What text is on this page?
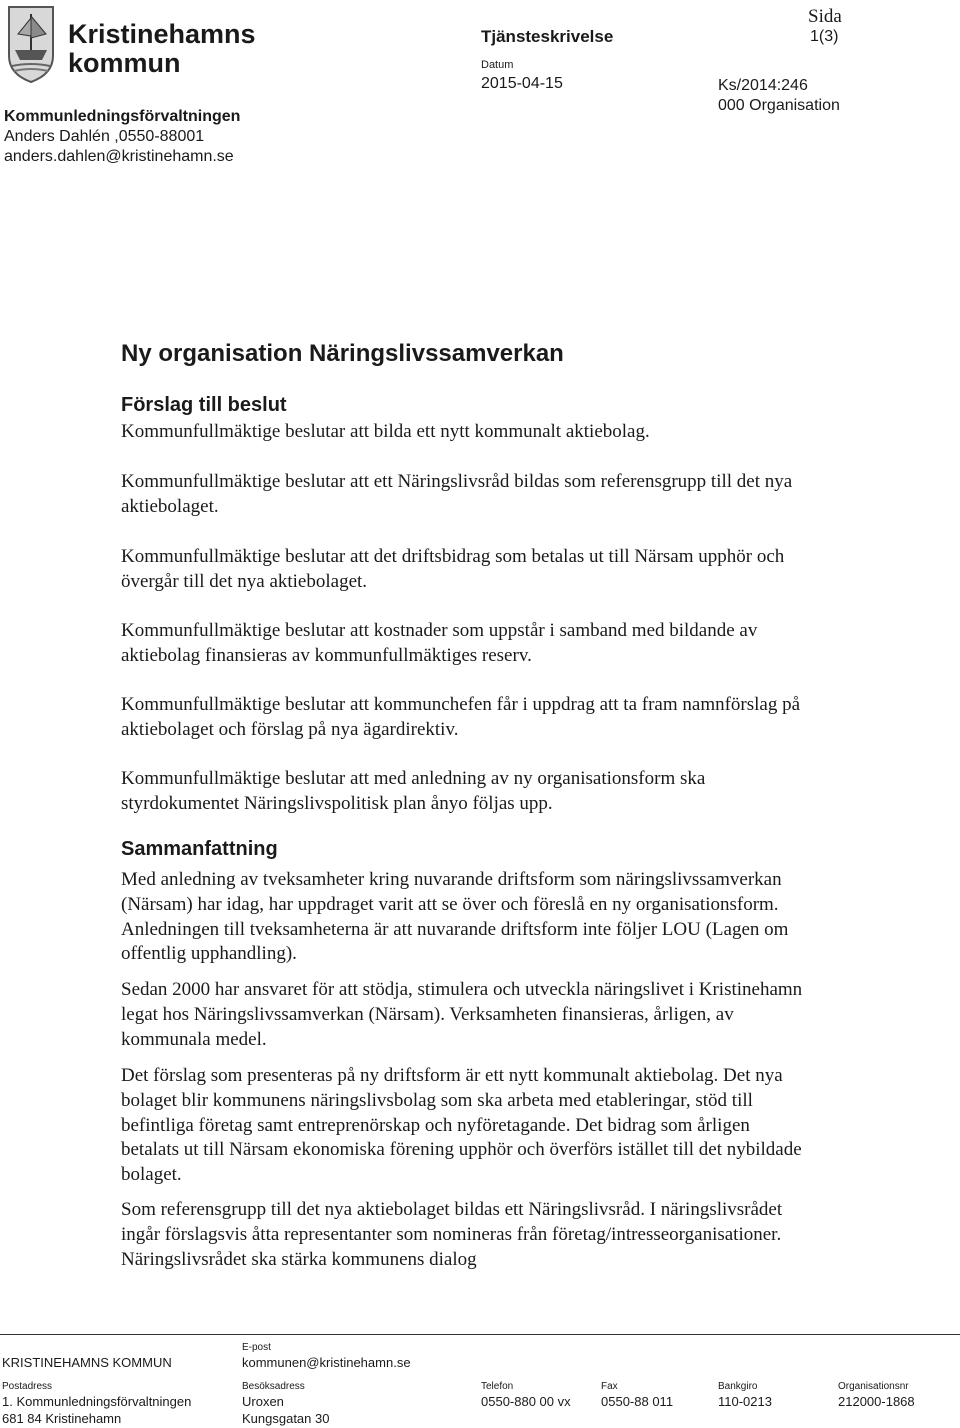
Kristinehamns
kommun
Kommunledningsförvaltningen
Anders Dahlén ,0550-88001
anders.dahlen@kristinehamn.se
Tjänsteskrivelse
Datum
2015-04-15	Ks/2014:246
000 Organisation
Sida
1(3)
Ny organisation Näringslivssamverkan
Förslag till beslut
Kommunfullmäktige beslutar att bilda ett nytt kommunalt aktiebolag.
Kommunfullmäktige beslutar att ett Näringslivsråd bildas som referensgrupp till det nya aktiebolaget.
Kommunfullmäktige beslutar att det driftsbidrag som betalas ut till Närsam upphör och övergår till det nya aktiebolaget.
Kommunfullmäktige beslutar att kostnader som uppstår i samband med bildande av aktiebolag finansieras av kommunfullmäktiges reserv.
Kommunfullmäktige beslutar att kommunchefen får i uppdrag att ta fram namnförslag på aktiebolaget och förslag på nya ägardirektiv.
Kommunfullmäktige beslutar att med anledning av ny organisationsform ska styrdokumentet Näringslivspolitisk plan ånyo följas upp.
Sammanfattning
Med anledning av tveksamheter kring nuvarande driftsform som näringslivssamverkan (Närsam) har idag, har uppdraget varit att se över och föreslå en ny organisationsform. Anledningen till tveksamheterna är att nuvarande driftsform inte följer LOU (Lagen om offentlig upphandling).
Sedan 2000 har ansvaret för att stödja, stimulera och utveckla näringslivet i Kristinehamn legat hos Näringslivssamverkan (Närsam). Verksamheten finansieras, årligen, av kommunala medel.
Det förslag som presenteras på ny driftsform är ett nytt kommunalt aktiebolag. Det nya bolaget blir kommunens näringslivsbolag som ska arbeta med etableringar, stöd till befintliga företag samt entreprenörskap och nyföretagande. Det bidrag som årligen betalats ut till Närsam ekonomiska förening upphör och överförs istället till det nybildade bolaget.
Som referensgrupp till det nya aktiebolaget bildas ett Näringslivsråd. I näringslivsrådet ingår förslagsvis åtta representanter som nomineras från företag/intresseorganisationer. Näringslivsrådet ska stärka kommunens dialog
KRISTINEHAMNS KOMMUN
E-post
kommunen@kristinehamn.se
Postadress
1. Kommunledningsförvaltningen
681 84 Kristinehamn
Besöksadress
Uroxen
Kungsgatan 30
Telefon
0550-880 00 vx
Fax
0550-88 011
Bankgiro
110-0213
Organisationsnr
212000-1868
